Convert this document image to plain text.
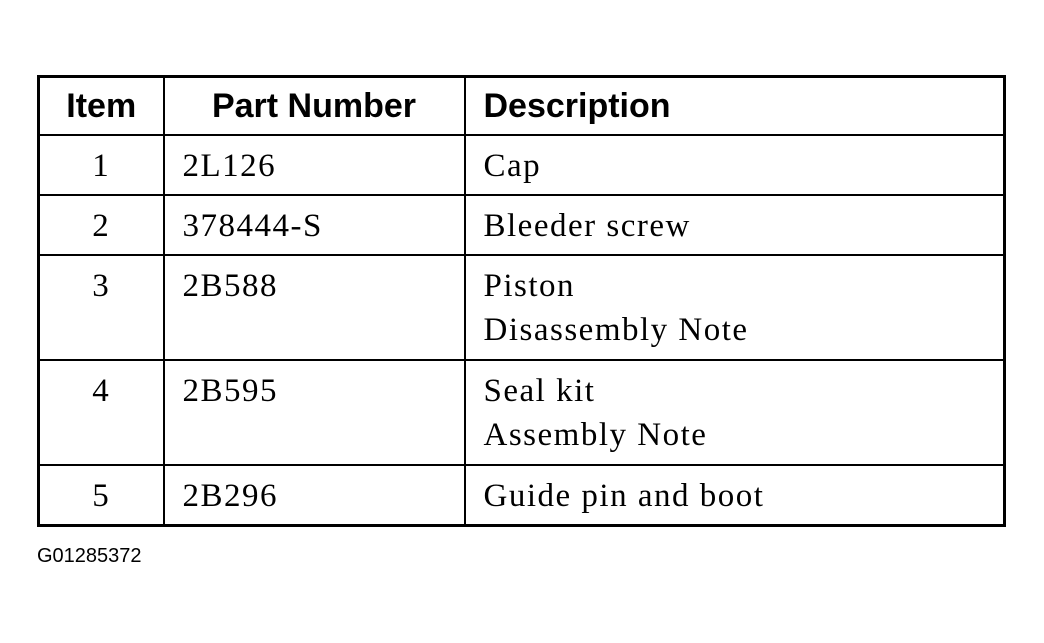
Item	Part Number	Description
1	2L126	Cap

2	378444-S	Bleeder screw

3	2B588	Piston
Disassembly Note

4	2B595	Seal kit
Assembly Note

5	2B296	Guide pin and boot
G01285372
